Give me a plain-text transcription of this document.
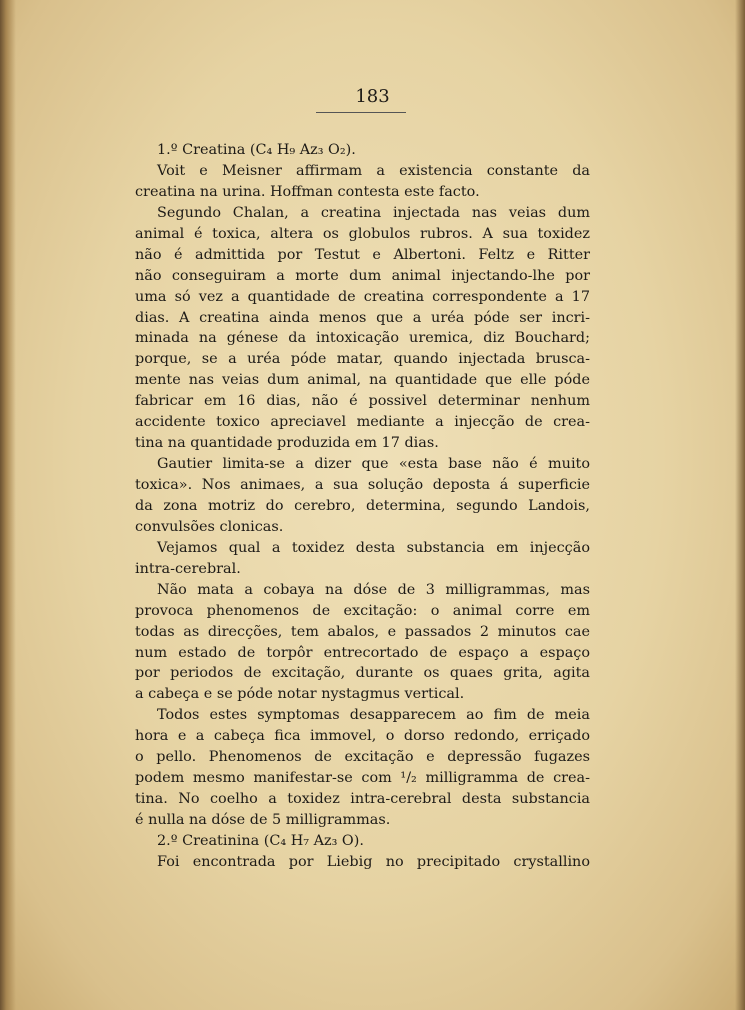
183
1.º Creatina (C₄ H₉ Az₃ O₂).
Voit e Meisner affirmam a existencia constante da
creatina na urina. Hoffman contesta este facto.
Segundo Chalan, a creatina injectada nas veias dum
animal é toxica, altera os globulos rubros. A sua toxidez
não é admittida por Testut e Albertoni. Feltz e Ritter
não conseguiram a morte dum animal injectando-lhe por
uma só vez a quantidade de creatina correspondente a 17
dias. A creatina ainda menos que a uréa póde ser incri-
minada na génese da intoxicação uremica, diz Bouchard;
porque, se a uréa póde matar, quando injectada brusca-
mente nas veias dum animal, na quantidade que elle póde
fabricar em 16 dias, não é possivel determinar nenhum
accidente toxico apreciavel mediante a injecção de crea-
tina na quantidade produzida em 17 dias.
Gautier limita-se a dizer que «esta base não é muito
toxica». Nos animaes, a sua solução deposta á superficie
da zona motriz do cerebro, determina, segundo Landois,
convulsões clonicas.
Vejamos qual a toxidez desta substancia em injecção
intra-cerebral.
Não mata a cobaya na dóse de 3 milligrammas, mas
provoca phenomenos de excitação: o animal corre em
todas as direcções, tem abalos, e passados 2 minutos cae
num estado de torpôr entrecortado de espaço a espaço
por periodos de excitação, durante os quaes grita, agita
a cabeça e se póde notar nystagmus vertical.
Todos estes symptomas desapparecem ao fim de meia
hora e a cabeça fica immovel, o dorso redondo, erriçado
o pello. Phenomenos de excitação e depressão fugazes
podem mesmo manifestar-se com ¹/₂ milligramma de crea-
tina. No coelho a toxidez intra-cerebral desta substancia
é nulla na dóse de 5 milligrammas.
2.º Creatinina (C₄ H₇ Az₃ O).
Foi encontrada por Liebig no precipitado crystallino
